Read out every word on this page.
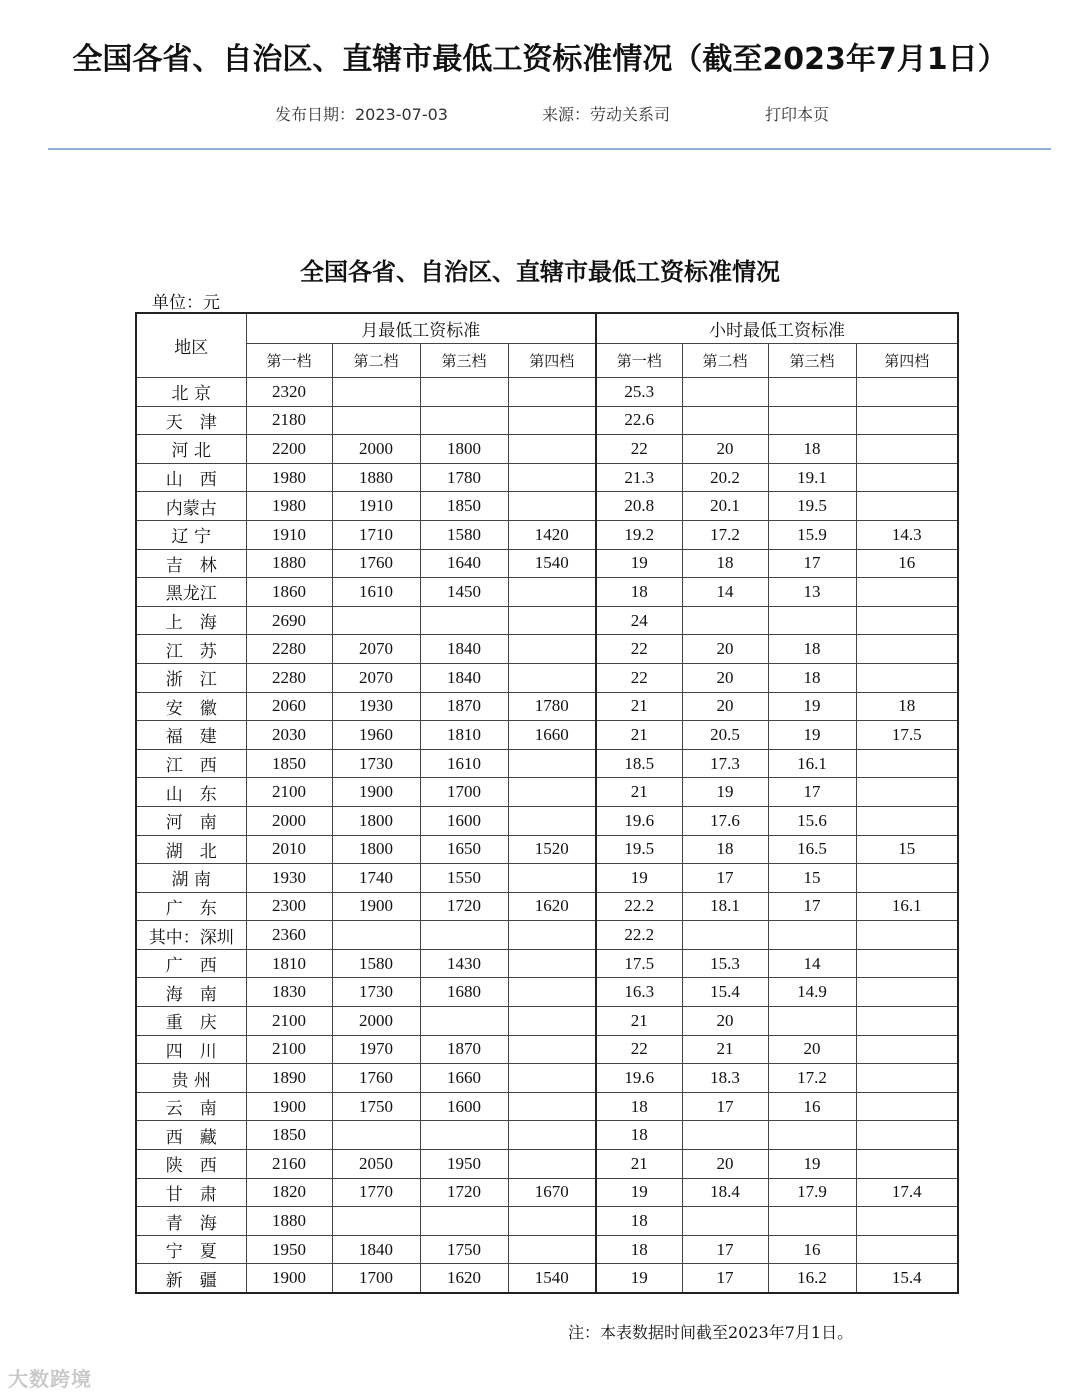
全国各省、自治区、直辖市最低工资标准情况（截至2023年7月1日）
发布日期：2023-07-03	来源：劳动关系司	打印本页
全国各省、自治区、直辖市最低工资标准情况
单位：元
地区	月最低工资标准				小时最低工资标准			
	第一档	第二档	第三档	第四档	第一档	第二档	第三档	第四档
北 京	2320				25.3			
天　津	2180				22.6			
河 北	2200	2000	1800		22	20	18	
山　西	1980	1880	1780		21.3	20.2	19.1	
内蒙古	1980	1910	1850		20.8	20.1	19.5	
辽 宁	1910	1710	1580	1420	19.2	17.2	15.9	14.3
吉　林	1880	1760	1640	1540	19	18	17	16
黑龙江	1860	1610	1450		18	14	13	
上　海	2690				24			
江　苏	2280	2070	1840		22	20	18	
浙　江	2280	2070	1840		22	20	18	
安　徽	2060	1930	1870	1780	21	20	19	18
福　建	2030	1960	1810	1660	21	20.5	19	17.5
江　西	1850	1730	1610		18.5	17.3	16.1	
山　东	2100	1900	1700		21	19	17	
河　南	2000	1800	1600		19.6	17.6	15.6	
湖　北	2010	1800	1650	1520	19.5	18	16.5	15
湖 南	1930	1740	1550		19	17	15	
广　东	2300	1900	1720	1620	22.2	18.1	17	16.1
其中：深圳	2360				22.2			
广　西	1810	1580	1430		17.5	15.3	14	
海　南	1830	1730	1680		16.3	15.4	14.9	
重　庆	2100	2000			21	20		
四　川	2100	1970	1870		22	21	20	
贵 州	1890	1760	1660		19.6	18.3	17.2	
云　南	1900	1750	1600		18	17	16	
西　藏	1850				18			
陕　西	2160	2050	1950		21	20	19	
甘　肃	1820	1770	1720	1670	19	18.4	17.9	17.4
青　海	1880				18			
宁　夏	1950	1840	1750		18	17	16	
新　疆	1900	1700	1620	1540	19	17	16.2	15.4
注：本表数据时间截至2023年7月1日。
大数跨境
